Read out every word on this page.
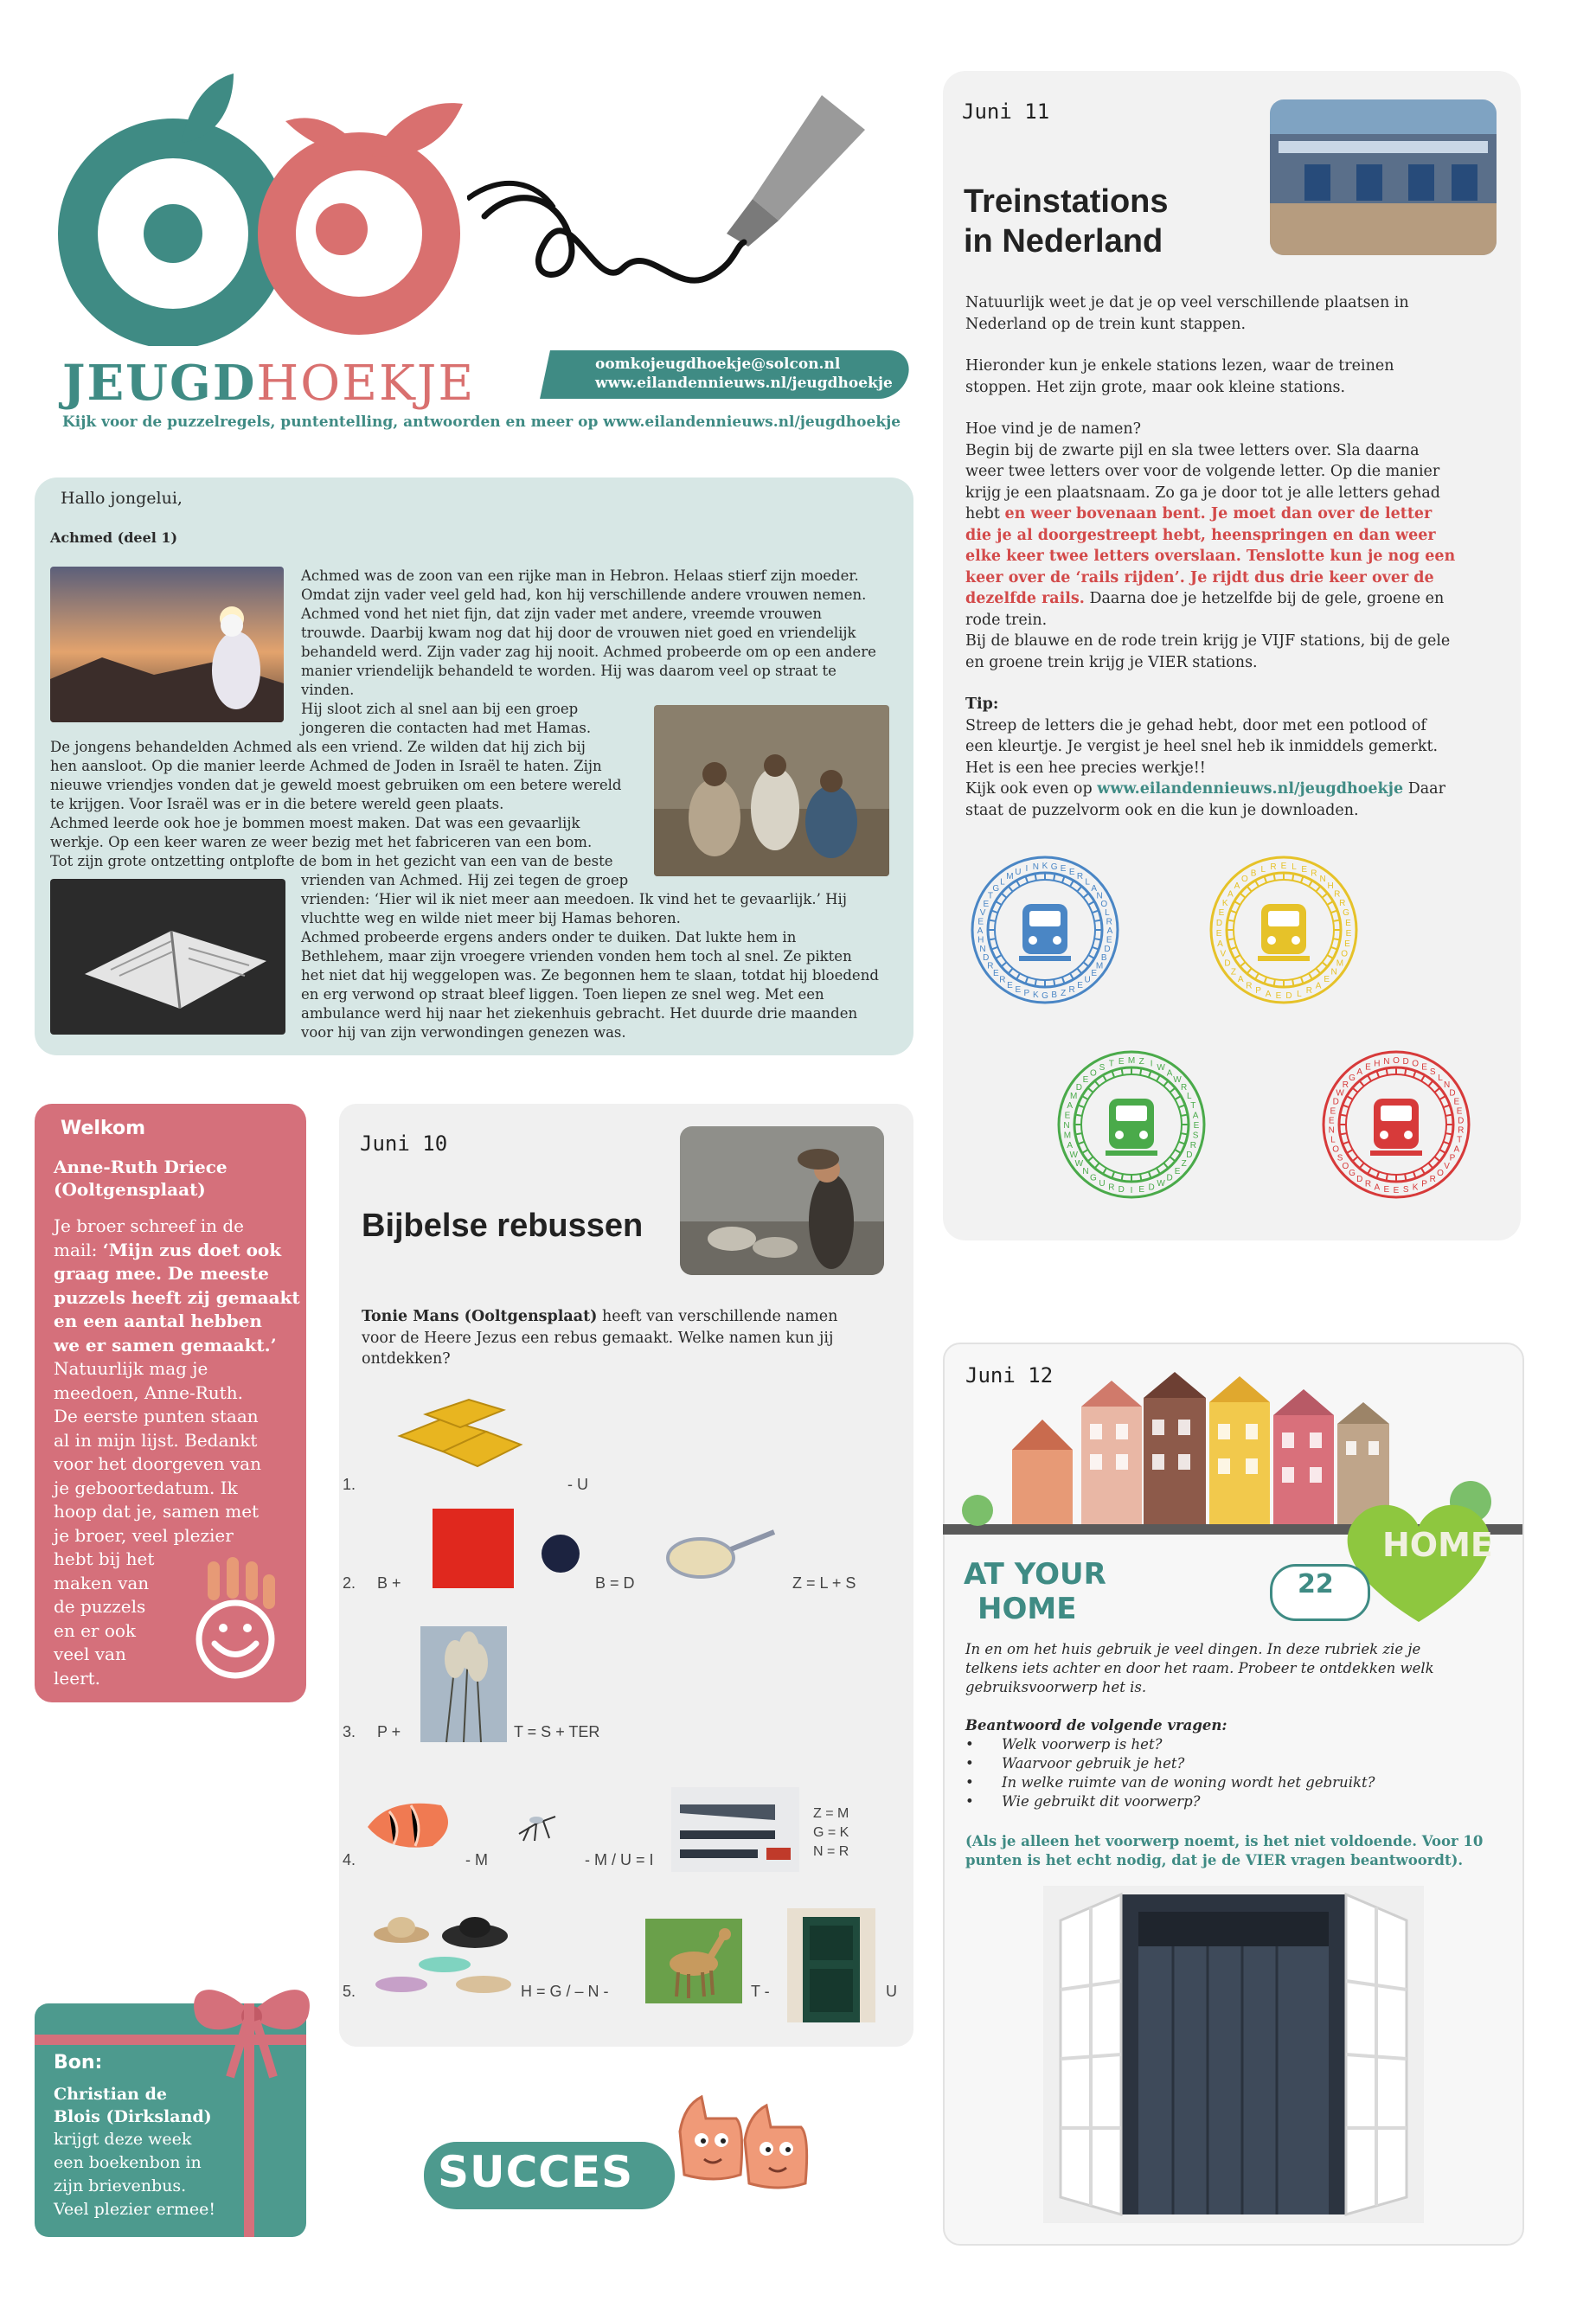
JEUGDHOEKJE	oomkojeugdhoekje@solcon.nl
www.eilandennieuws.nl/jeugdhoekje
Kijk voor de puzzelregels, puntentelling, antwoorden en meer op www.eilandennieuws.nl/jeugdhoekje
Hallo jongelui,
Achmed (deel 1)
Achmed was de zoon van een rijke man in Hebron. Helaas stierf zijn moeder.
Omdat zijn vader veel geld had, kon hij verschillende andere vrouwen nemen.
Achmed vond het niet fijn, dat zijn vader met andere, vreemde vrouwen
trouwde. Daarbij kwam nog dat hij door de vrouwen niet goed en vriendelijk
behandeld werd. Zijn vader zag hij nooit. Achmed probeerde om op een andere
manier vriendelijk behandeld te worden. Hij was daarom veel op straat te
vinden.
Hij sloot zich al snel aan bij een groep
jongeren die contacten had met Hamas.
De jongens behandelden Achmed als een vriend. Ze wilden dat hij zich bij
hen aansloot. Op die manier leerde Achmed de Joden in Israël te haten. Zijn
nieuwe vriendjes vonden dat je geweld moest gebruiken om een betere wereld
te krijgen. Voor Israël was er in die betere wereld geen plaats.
Achmed leerde ook hoe je bommen moest maken. Dat was een gevaarlijk
werkje. Op een keer waren ze weer bezig met het fabriceren van een bom.
Tot zijn grote ontzetting ontplofte de bom in het gezicht van een van de beste
vrienden van Achmed. Hij zei tegen de groep
vrienden: ‘Hier wil ik niet meer aan meedoen. Ik vind het te gevaarlijk.’ Hij
vluchtte weg en wilde niet meer bij Hamas behoren.
Achmed probeerde ergens anders onder te duiken. Dat lukte hem in
Bethlehem, maar zijn vroegere vrienden vonden hem toch al snel. Ze pikten
het niet dat hij weggelopen was. Ze begonnen hem te slaan, totdat hij bloedend
en erg verwond op straat bleef liggen. Toen liepen ze snel weg. Met een
ambulance werd hij naar het ziekenhuis gebracht. Het duurde drie maanden
voor hij van zijn verwondingen genezen was.
Juni 11
Treinstations
in Nederland
Natuurlijk weet je dat je op veel verschillende plaatsen in
Nederland op de trein kunt stappen.
Hieronder kun je enkele stations lezen, waar de treinen
stoppen. Het zijn grote, maar ook kleine stations.
Hoe vind je de namen?
Begin bij de zwarte pijl en sla twee letters over. Sla daarna
weer twee letters over voor de volgende letter. Op die manier
krijg je een plaatsnaam. Zo ga je door tot je alle letters gehad
hebt en weer bovenaan bent. Je moet dan over de letter
die je al doorgestreept hebt, heenspringen en dan weer
elke keer twee letters overslaan. Tenslotte kun je nog een
keer over de ‘rails rijden’. Je rijdt dus drie keer over de
dezelfde rails. Daarna doe je hetzelfde bij de gele, groene en
rode trein.
Bij de blauwe en de rode trein krijg je VIJF stations, bij de gele
en groene trein krijg je VIER stations.
Tip:
Streep de letters die je gehad hebt, door met een potlood of
een kleurtje. Je vergist je heel snel heb ik inmiddels gemerkt.
Het is een hee precies werkje!!
Kijk ook even op www.eilandennieuws.nl/jeugdhoekje Daar
staat de puzzelvorm ook en die kun je downloaden.
K G E E R
L
A
N
O
L
R
A
E
D
B
M
E
U
E
R
Z
B
G
K
P
E
E
R
E
R
D
N
H
A
E
V
E
T
G
L
M U I N	E L E R
N
H
R
R
G
E
E
E
O
M
N
E
A
R
L
D
E
A
P
R
A
Z
D
V
A
E
D
E
K
A
A
O
B L R
M Z I W
A
W
R
L
T
A
E
S
R
D
Z
E
D
W
D
E
I
D
R
U
G
N
W
W
A
M
N
E
A
M
D
E
O
S T E	O D O E
S
L
N
D
E
E
D
R
T
A
P
V
O
R
P
K
S
E
E
A
R
D
G
O
S
O
L
N
E
E
D
W
R
G
A
E H N
Welkom
Anne-Ruth Driece
(Ooltgensplaat)
Je broer schreef in de
mail: ‘Mijn zus doet ook
graag mee. De meeste
puzzels heeft zij gemaakt
en een aantal hebben
we er samen gemaakt.’
Natuurlijk mag je
meedoen, Anne-Ruth.
De eerste punten staan
al in mijn lijst. Bedankt
voor het doorgeven van
je geboortedatum. Ik
hoop dat je, samen met
je broer, veel plezier
hebt bij het
maken van
de puzzels
en er ook
veel van
leert.
Juni 10
Bijbelse rebussen
Tonie Mans (Ooltgensplaat) heeft van verschillende namen
voor de Heere Jezus een rebus gemaakt. Welke namen kun jij
ontdekken?
1.	- U
2. B +	B = D	Z = L + S
3. P +	T = S + TER
4.	- M	- M / U = I
Z = M
G = K
N = R
5.	H = G / – N -	T -	U
Juni 12
HOME
22
AT YOUR
HOME
In en om het huis gebruik je veel dingen. In deze rubriek zie je
telkens iets achter en door het raam. Probeer te ontdekken welk
gebruiksvoorwerp het is.
Beantwoord de volgende vragen:
• Welk voorwerp is het?
• Waarvoor gebruik je het?
• In welke ruimte van de woning wordt het gebruikt?
• Wie gebruikt dit voorwerp?
(Als je alleen het voorwerp noemt, is het niet voldoende. Voor 10
punten is het echt nodig, dat je de VIER vragen beantwoordt).
Bon:
Christian de
Blois (Dirksland)
krijgt deze week
een boekenbon in
zijn brievenbus.
Veel plezier ermee!
SUCCES
